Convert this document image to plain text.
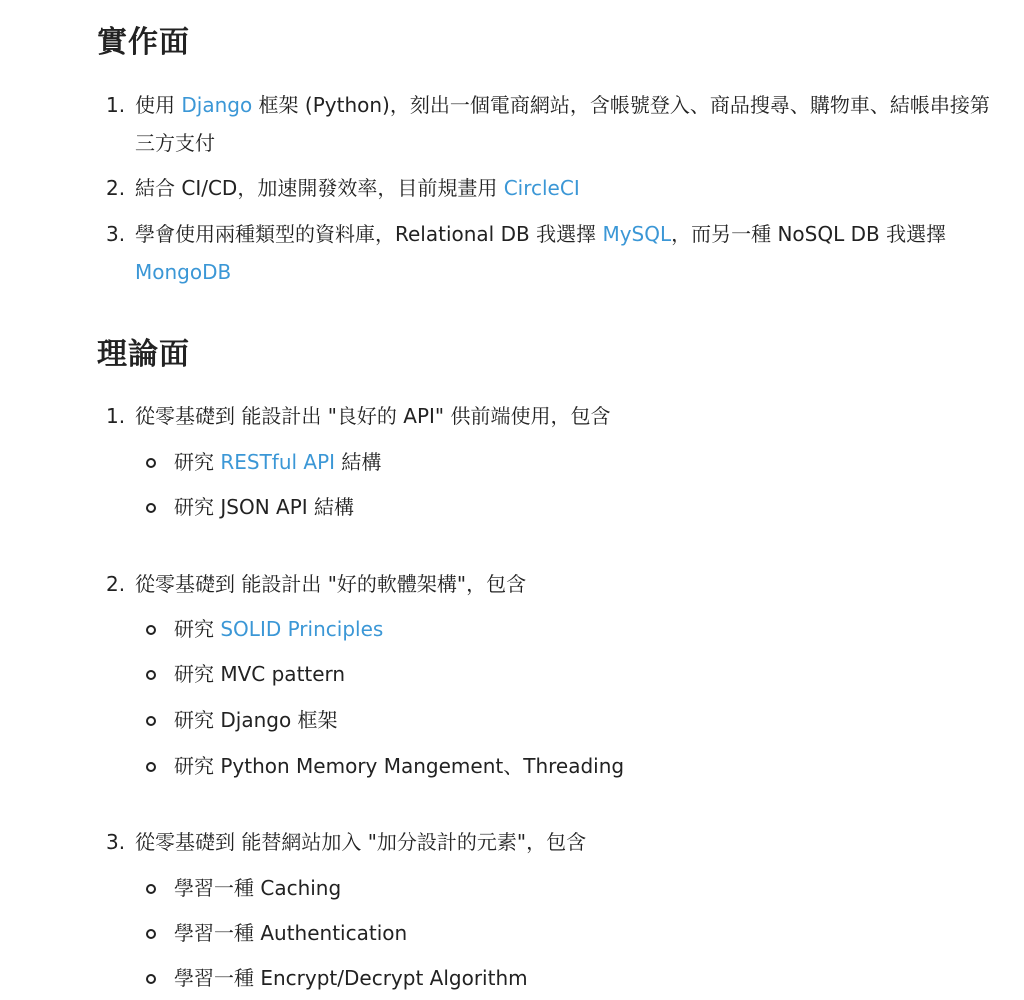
實作面
1. 使用 Django 框架 (Python)，刻出一個電商網站，含帳號登入、商品搜尋、購物車、結帳串接第三方支付
2. 結合 CI/CD，加速開發效率，目前規畫用 CircleCI
3. 學會使用兩種類型的資料庫，Relational DB 我選擇 MySQL，而另一種 NoSQL DB 我選擇 MongoDB
理論面
1. 從零基礎到 能設計出 "良好的 API" 供前端使用，包含
研究 RESTful API 結構
研究 JSON API 結構
2. 從零基礎到 能設計出 "好的軟體架構"，包含
研究 SOLID Principles
研究 MVC pattern
研究 Django 框架
研究 Python Memory Mangement、Threading
3. 從零基礎到 能替網站加入 "加分設計的元素"，包含
學習一種 Caching
學習一種 Authentication
學習一種 Encrypt/Decrypt Algorithm
